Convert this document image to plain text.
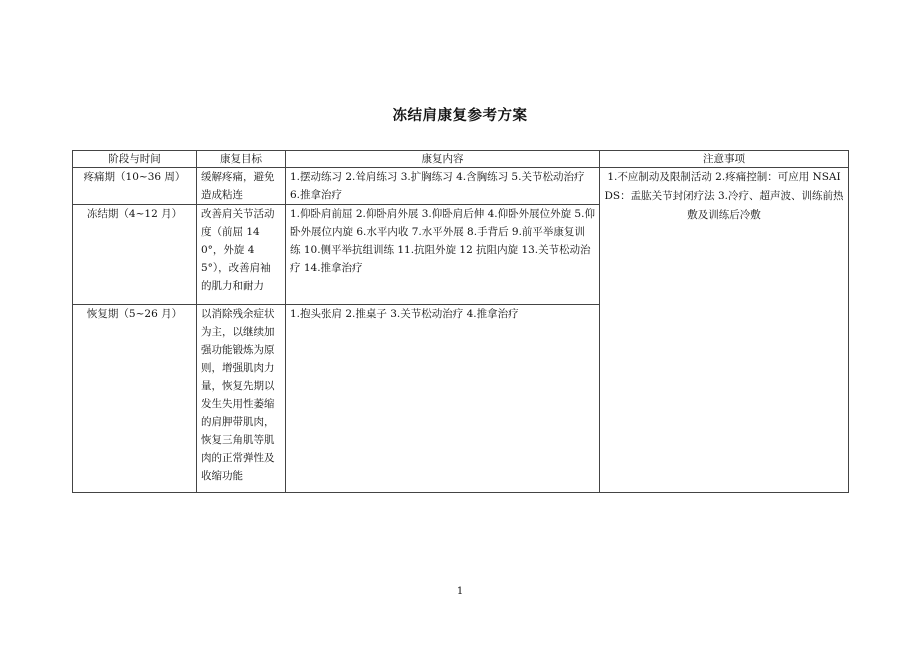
冻结肩康复参考方案
阶段与时间	康复目标	康复内容	注意事项
疼痛期（10~36 周）	缓解疼痛，避免造成粘连	1.摆动练习 2.耸肩练习 3.扩胸练习 4.含胸练习 5.关节松动治疗 6.推拿治疗	1.不应制动及限制活动 2.疼痛控制：可应用 NSAIDS：盂肱关节封闭疗法 3.冷疗、超声波、训练前热敷及训练后冷敷
冻结期（4~12 月）	改善肩关节活动度（前屈 140°，外旋 45°），改善肩袖的肌力和耐力	1.仰卧肩前屈 2.仰卧肩外展 3.仰卧肩后伸 4.仰卧外展位外旋 5.仰卧外展位内旋 6.水平内收 7.水平外展 8.手背后 9.前平举康复训练 10.侧平举抗组训练 11.抗阻外旋 12 抗阻内旋 13.关节松动治疗 14.推拿治疗	
恢复期（5~26 月）	以消除残余症状为主，以继续加强功能锻炼为原则，增强肌肉力量，恢复先期以发生失用性萎缩的肩胛带肌肉，恢复三角肌等肌肉的正常弹性及收缩功能	1.抱头张肩 2.推桌子 3.关节松动治疗 4.推拿治疗	
1
